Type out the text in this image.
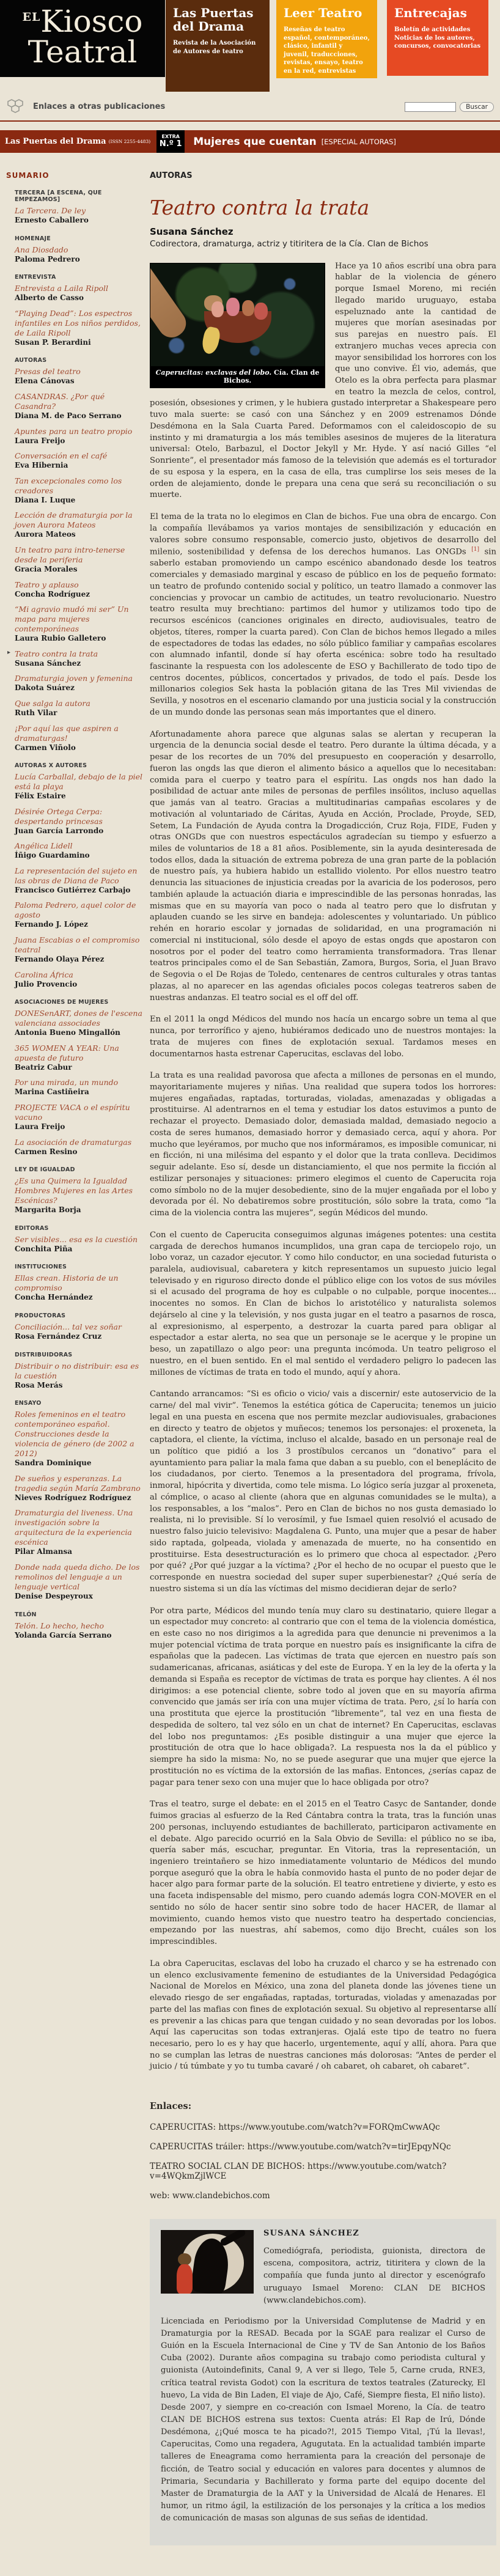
ELKiosco
Teatral
Las Puertas del Drama

Revista de la Asociación de Autores de teatro

Leer Teatro

Reseñas de teatro español, contemporáneo, clásico, infantil y juvenil, traducciones, revistas, ensayo, teatro en la red, entrevistas

Entrecajas

Boletín de actividades
Noticias de los autores, concursos, convocatorias

Enlaces a otras publicaciones	Buscar
Las Puertas del Drama (ISSN 2255-4483)
EXTRA
N.º 1 Mujeres que cuentan [ESPECIAL AUTORAS]
SUMARIO
TERCERA [A ESCENA, QUE EMPEZAMOS]
La Tercera. De ley
Ernesto Caballero
HOMENAJE
Ana Diosdado
Paloma Pedrero
ENTREVISTA
Entrevista a Laila Ripoll
Alberto de Casso
“Playing Dead”: Los espectros infantiles en Los niños perdidos, de Laila Ripoll
Susan P. Berardini
AUTORAS
Presas del teatro
Elena Cánovas
CASANDRAS. ¿Por qué Casandra?
Diana M. de Paco Serrano
Apuntes para un teatro propio
Laura Freijo
Conversación en el café
Eva Hibernia
Tan excepcionales como los creadores
Diana I. Luque
Lección de dramaturgia por la joven Aurora Mateos
Aurora Mateos
Un teatro para intro-tenerse desde la periferia
Gracia Morales
Teatro y aplauso
Concha Rodríguez
“Mi agravio mudó mi ser” Un mapa para mujeres contemporáneas
Laura Rubio Galletero
▸ Teatro contra la trata
Susana Sánchez
Dramaturgia joven y femenina
Dakota Suárez
Que salga la autora
Ruth Vilar
¡Por aquí las que aspiren a dramaturgas!
Carmen Viñolo
AUTORAS X AUTORES
Lucía Carballal, debajo de la piel está la playa
Félix Estaire
Désirée Ortega Cerpa: despertando princesas
Juan García Larrondo
Angélica Lidell
Íñigo Guardamino
La representación del sujeto en las obras de Diana de Paco
Francisco Gutiérrez Carbajo
Paloma Pedrero, aquel color de agosto
Fernando J. López
Juana Escabias o el compromiso teatral
Fernando Olaya Pérez
Carolina África
Julio Provencio
ASOCIACIONES DE MUJERES
DONESenART, dones de l'escena valenciana associades
Antonia Bueno Mingallón
365 WOMEN A YEAR: Una apuesta de futuro
Beatriz Cabur
Por una mirada, un mundo
Marina Castiñeira
PROJECTE VACA o el espíritu vacuno
Laura Freijo
La asociación de dramaturgas
Carmen Resino
LEY DE IGUALDAD
¿Es una Quimera la Igualdad Hombres Mujeres en las Artes Escénicas?
Margarita Borja
EDITORAS
Ser visibles... esa es la cuestión
Conchita Piña
INSTITUCIONES
Ellas crean. Historia de un compromiso
Concha Hernández
PRODUCTORAS
Conciliación... tal vez soñar
Rosa Fernández Cruz
DISTRIBUIDORAS
Distribuir o no distribuir: esa es la cuestión
Rosa Merás
ENSAYO
Roles femeninos en el teatro contemporáneo español. Construcciones desde la violencia de género (de 2002 a 2012)
Sandra Dominique
De sueños y esperanzas. La tragedia según María Zambrano
Nieves Rodríguez Rodríguez
Dramaturgia del liveness. Una investigación sobre la arquitectura de la experiencia escénica
Pilar Almansa
Donde nada queda dicho. De los remolinos del lenguaje a un lenguaje vertical
Denise Despeyroux
TELÓN
Telón. Lo hecho, hecho
Yolanda García Serrano
AUTORAS
Teatro contra la trata
Susana Sánchez
Codirectora, dramaturga, actriz y titiritera de la Cía. Clan de Bichos
Caperucitas: exclavas del lobo. Cía. Clan de Bichos.

Hace ya 10 años escribí una obra para hablar de la violencia de género porque Ismael Moreno, mi recién llegado marido uruguayo, estaba espeluznado ante la cantidad de mujeres que morían asesinadas por sus parejas en nuestro país. El extranjero muchas veces aprecia con mayor sensibilidad los horrores con los que uno convive. Él vio, además, que Otelo es la obra perfecta para plasmar en teatro la mezcla de celos, control, posesión, obsesiones y crimen, y le hubiera gustado interpretar a Shakespeare pero tuvo mala suerte: se casó con una Sánchez y en 2009 estrenamos Dónde Desdémona en la Sala Cuarta Pared. Deformamos con el caleidoscopio de su instinto y mi dramaturgia a los más temibles asesinos de mujeres de la literatura universal: Otelo, Barbazul, el Doctor Jekyll y Mr. Hyde. Y así nació Gilles “el Sonriente”, el presentador más famoso de la televisión que además es el torturador de su esposa y la espera, en la casa de ella, tras cumplirse los seis meses de la orden de alejamiento, donde le prepara una cena que será su reconciliación o su muerte.

El tema de la trata no lo elegimos en Clan de bichos. Fue una obra de encargo. Con la compañía llevábamos ya varios montajes de sensibilización y educación en valores sobre consumo responsable, comercio justo, objetivos de desarrollo del milenio, sostenibilidad y defensa de los derechos humanos. Las ONGDs [1] sin saberlo estaban promoviendo un campo escénico abandonado desde los teatros comerciales y demasiado marginal y escaso de público en los de pequeño formato: un teatro de profundo contenido social y político, un teatro llamado a conmover las conciencias y provocar un cambio de actitudes, un teatro revolucionario. Nuestro teatro resulta muy brechtiano: partimos del humor y utilizamos todo tipo de recursos escénicos (canciones originales en directo, audiovisuales, teatro de objetos, títeres, romper la cuarta pared). Con Clan de bichos hemos llegado a miles de espectadores de todas las edades, no sólo público familiar y campañas escolares con alumnado infantil, donde sí hay oferta escénica: sobre todo ha resultado fascinante la respuesta con los adolescente de ESO y Bachillerato de todo tipo de centros docentes, públicos, concertados y privados, de todo el país. Desde los millonarios colegios Sek hasta la población gitana de las Tres Mil viviendas de Sevilla, y nosotros en el escenario clamando por una justicia social y la construcción de un mundo donde las personas sean más importantes que el dinero.

Afortunadamente ahora parece que algunas salas se alertan y recuperan la urgencia de la denuncia social desde el teatro. Pero durante la última década, y a pesar de los recortes de un 70% del presupuesto en cooperación y desarrollo, fueron las ongds las que dieron el alimento básico a aquellos que lo necesitaban: comida para el cuerpo y teatro para el espíritu. Las ongds nos han dado la posibilidad de actuar ante miles de personas de perfiles insólitos, incluso aquellas que jamás van al teatro. Gracias a multitudinarias campañas escolares y de motivación al voluntariado de Cáritas, Ayuda en Acción, Proclade, Proyde, SED, Setem, La Fundación de Ayuda contra la Drogadicción, Cruz Roja, FIDE, Fuden y otras ONGDs que con nuestros espectáculos agradecían su tiempo y esfuerzo a miles de voluntarios de 18 a 81 años. Posiblemente, sin la ayuda desinteresada de todos ellos, dada la situación de extrema pobreza de una gran parte de la población de nuestro país, ya hubiera habido un estallido violento. Por ellos nuestro teatro denuncia las situaciones de injusticia creadas por la avaricia de los poderosos, pero también aplaude la actuación diaria e imprescindible de las personas honradas, las mismas que en su mayoría van poco o nada al teatro pero que lo disfrutan y aplauden cuando se les sirve en bandeja: adolescentes y voluntariado. Un público rehén en horario escolar y jornadas de solidaridad, en una programación ni comercial ni institucional, sólo desde el apoyo de estas ongds que apostaron con nosotros por el poder del teatro como herramienta transformadora. Tras llenar teatros principales como el de San Sebastián, Zamora, Burgos, Soria, el Juan Bravo de Segovia o el De Rojas de Toledo, centenares de centros culturales y otras tantas plazas, al no aparecer en las agendas oficiales pocos colegas teatreros saben de nuestras andanzas. El teatro social es el off del off.

En el 2011 la ongd Médicos del mundo nos hacía un encargo sobre un tema al que nunca, por terrorífico y ajeno, hubiéramos dedicado uno de nuestros montajes: la trata de mujeres con fines de explotación sexual. Tardamos meses en documentarnos hasta estrenar Caperucitas, esclavas del lobo.

La trata es una realidad pavorosa que afecta a millones de personas en el mundo, mayoritariamente mujeres y niñas. Una realidad que supera todos los horrores: mujeres engañadas, raptadas, torturadas, violadas, amenazadas y obligadas a prostituirse. Al adentrarnos en el tema y estudiar los datos estuvimos a punto de rechazar el proyecto. Demasiado dolor, demasiada maldad, demasiado negocio a costa de seres humanos, demasiado horror y demasiado cerca, aquí y ahora. Por mucho que leyéramos, por mucho que nos informáramos, es imposible comunicar, ni en ficción, ni una milésima del espanto y el dolor que la trata conlleva. Decidimos seguir adelante. Eso sí, desde un distanciamiento, el que nos permite la ficción al estilizar personajes y situaciones: primero elegimos el cuento de Caperucita roja como símbolo no de la mujer desobediente, sino de la mujer engañada por el lobo y devorada por él. No debatiremos sobre prostitución, sólo sobre la trata, como “la cima de la violencia contra las mujeres”, según Médicos del mundo.

Con el cuento de Caperucita conseguimos algunas imágenes potentes: una cestita cargada de derechos humanos incumplidos, una gran capa de terciopelo rojo, un lobo voraz, un cazador ejecutor. Y como hilo conductor, en una sociedad futurista o paralela, audiovisual, cabaretera y kitch representamos un supuesto juicio legal televisado y en riguroso directo donde el público elige con los votos de sus móviles si el acusado del programa de hoy es culpable o no culpable, porque inocentes... inocentes no somos. En Clan de bichos lo aristotélico y naturalista solemos dejárselo al cine y la televisión, y nos gusta jugar en el teatro a pasarnos de rosca, al expresionismo, al esperpento, a destrozar la cuarta pared para obligar al espectador a estar alerta, no sea que un personaje se le acerque y le propine un beso, un zapatillazo o algo peor: una pregunta incómoda. Un teatro peligroso el nuestro, en el buen sentido. En el mal sentido el verdadero peligro lo padecen las millones de víctimas de trata en todo el mundo, aquí y ahora.

Cantando arrancamos: “Si es oficio o vicio/ vais a discernir/ este autoservicio de la carne/ del mal vivir”. Tenemos la estética gótica de Caperucita; tenemos un juicio legal en una puesta en escena que nos permite mezclar audiovisuales, grabaciones en directo y teatro de objetos y muñecos; tenemos los personajes: el proxeneta, la captadora, el cliente, la víctima, incluso el alcalde, basado en un personaje real de un político que pidió a los 3 prostíbulos cercanos un “donativo” para el ayuntamiento para paliar la mala fama que daban a su pueblo, con el beneplácito de los ciudadanos, por cierto. Tenemos a la presentadora del programa, frívola, inmoral, hipócrita y divertida, como tele misma. Lo lógico sería juzgar al proxeneta, al cómplice, o acaso al cliente (ahora que en algunas comunidades se le multa), a los responsables, a los “malos”. Pero en Clan de bichos no nos gusta demasiado lo realista, ni lo previsible. Sí lo verosímil, y fue Ismael quien resolvió el acusado de nuestro falso juicio televisivo: Magdalena G. Punto, una mujer que a pesar de haber sido raptada, golpeada, violada y amenazada de muerte, no ha consentido en prostituirse. Esta desestructuración es lo primero que choca al espectador. ¿Pero por qué? ¿Por qué juzgar a la víctima? ¿Por el hecho de no ocupar el puesto que le corresponde en nuestra sociedad del super super superbienestar? ¿Qué sería de nuestro sistema si un día las víctimas del mismo decidieran dejar de serlo?

Por otra parte, Médicos del mundo tenía muy claro su destinatario, quiere llegar a un espectador muy concreto: al contrario que con el tema de la violencia doméstica, en este caso no nos dirigimos a la agredida para que denuncie ni prevenimos a la mujer potencial víctima de trata porque en nuestro país es insignificante la cifra de españolas que la padecen. Las víctimas de trata que ejercen en nuestro país son sudamericanas, africanas, asiáticas y del este de Europa. Y en la ley de la oferta y la demanda si España es receptor de víctimas de trata es porque hay clientes. A él nos dirigimos: a ese potencial cliente, sobre todo al joven que en su mayoría afirma convencido que jamás ser iría con una mujer víctima de trata. Pero, ¿sí lo haría con una prostituta que ejerce la prostitución “libremente”, tal vez en una fiesta de despedida de soltero, tal vez sólo en un chat de internet? En Caperucitas, esclavas del lobo nos preguntamos: ¿Es posible distinguir a una mujer que ejerce la prostitución de otra que lo hace obligada?. La respuesta nos la da el público y siempre ha sido la misma: No, no se puede asegurar que una mujer que ejerce la prostitución no es víctima de la extorsión de las mafias. Entonces, ¿serías capaz de pagar para tener sexo con una mujer que lo hace obligada por otro?

Tras el teatro, surge el debate: en el 2015 en el Teatro Casyc de Santander, donde fuimos gracias al esfuerzo de la Red Cántabra contra la trata, tras la función unas 200 personas, incluyendo estudiantes de bachillerato, participaron activamente en el debate. Algo parecido ocurrió en la Sala Obvio de Sevilla: el público no se iba, quería saber más, escuchar, preguntar. En Vitoria, tras la representación, un ingeniero treintañero se hizo inmediatamente voluntario de Médicos del mundo porque aseguró que la obra le había conmovido hasta el punto de no poder dejar de hacer algo para formar parte de la solución. El teatro entretiene y divierte, y esto es una faceta indispensable del mismo, pero cuando además logra CON-MOVER en el sentido no sólo de hacer sentir sino sobre todo de hacer HACER, de llamar al movimiento, cuando hemos visto que nuestro teatro ha despertado conciencias, empezando por las nuestras, ahí sabemos, como dijo Brecht, cuáles son los imprescindibles.

La obra Caperucitas, esclavas del lobo ha cruzado el charco y se ha estrenado con un elenco exclusivamente femenino de estudiantes de la Universidad Pedagógica Nacional de Morelos en México, una zona del planeta donde las jóvenes tiene un elevado riesgo de ser engañadas, raptadas, torturadas, violadas y amenazadas por parte del las mafias con fines de explotación sexual. Su objetivo al representarse allí es prevenir a las chicas para que tengan cuidado y no sean devoradas por los lobos. Aquí las caperucitas son todas extranjeras. Ojalá este tipo de teatro no fuera necesario, pero lo es y hay que hacerlo, urgentemente, aquí y allí, ahora. Para que no se cumplan las letras de nuestras canciones más dolorosas: “Antes de perder el juicio / tú túmbate y yo tu tumba cavaré / oh cabaret, oh cabaret, oh cabaret”.

Enlaces:
CAPERUCITAS: https://www.youtube.com/watch?v=FORQmCwwAQc
CAPERUCITAS tráiler: https://www.youtube.com/watch?v=tirJEpqyNQc
TEATRO SOCIAL CLAN DE BICHOS: https://www.youtube.com/watch?v=4WQkmZjlWCE
web: www.clandebichos.com
SUSANA SÁNCHEZ

Comediógrafa, periodista, guionista, directora de escena, compositora, actriz, titiritera y clown de la compañía que funda junto al director y escenógrafo uruguayo Ismael Moreno: CLAN DE BICHOS (www.clandebichos.com).

Licenciada en Periodismo por la Universidad Complutense de Madrid y en Dramaturgia por la RESAD. Becada por la SGAE para realizar el Curso de Guión en la Escuela Internacional de Cine y TV de San Antonio de los Baños Cuba (2002). Durante años compagina su trabajo como periodista cultural y guionista (Autoindefinits, Canal 9, A ver si llego, Tele 5, Carne cruda, RNE3, crítica teatral revista Godot) con la escritura de textos teatrales (Zaturecky, El huevo, La vida de Bin Laden, El viaje de Ajo, Café, Siempre fiesta, El niño listo). Desde 2007, y siempre en co-creación con Ismael Moreno, la Cía. de teatro CLAN DE BICHOS estrena sus textos: Cuenta atrás: El Rap de Irú, Dónde Desdémona, ¿¡Qué mosca te ha picado?!, 2015 Tiempo Vital, ¡Tú la llevas!, Caperucitas, Como una regadera, Agugutata. En la actualidad también imparte talleres de Eneagrama como herramienta para la creación del personaje de ficción, de Teatro social y educación en valores para docentes y alumnos de Primaria, Secundaria y Bachillerato y forma parte del equipo docente del Master de Dramaturgia de la AAT y la Universidad de Alcalá de Henares. El humor, un ritmo ágil, la estilización de los personajes y la crítica a los medios de comunicación de masas son algunas de sus señas de identidad.
